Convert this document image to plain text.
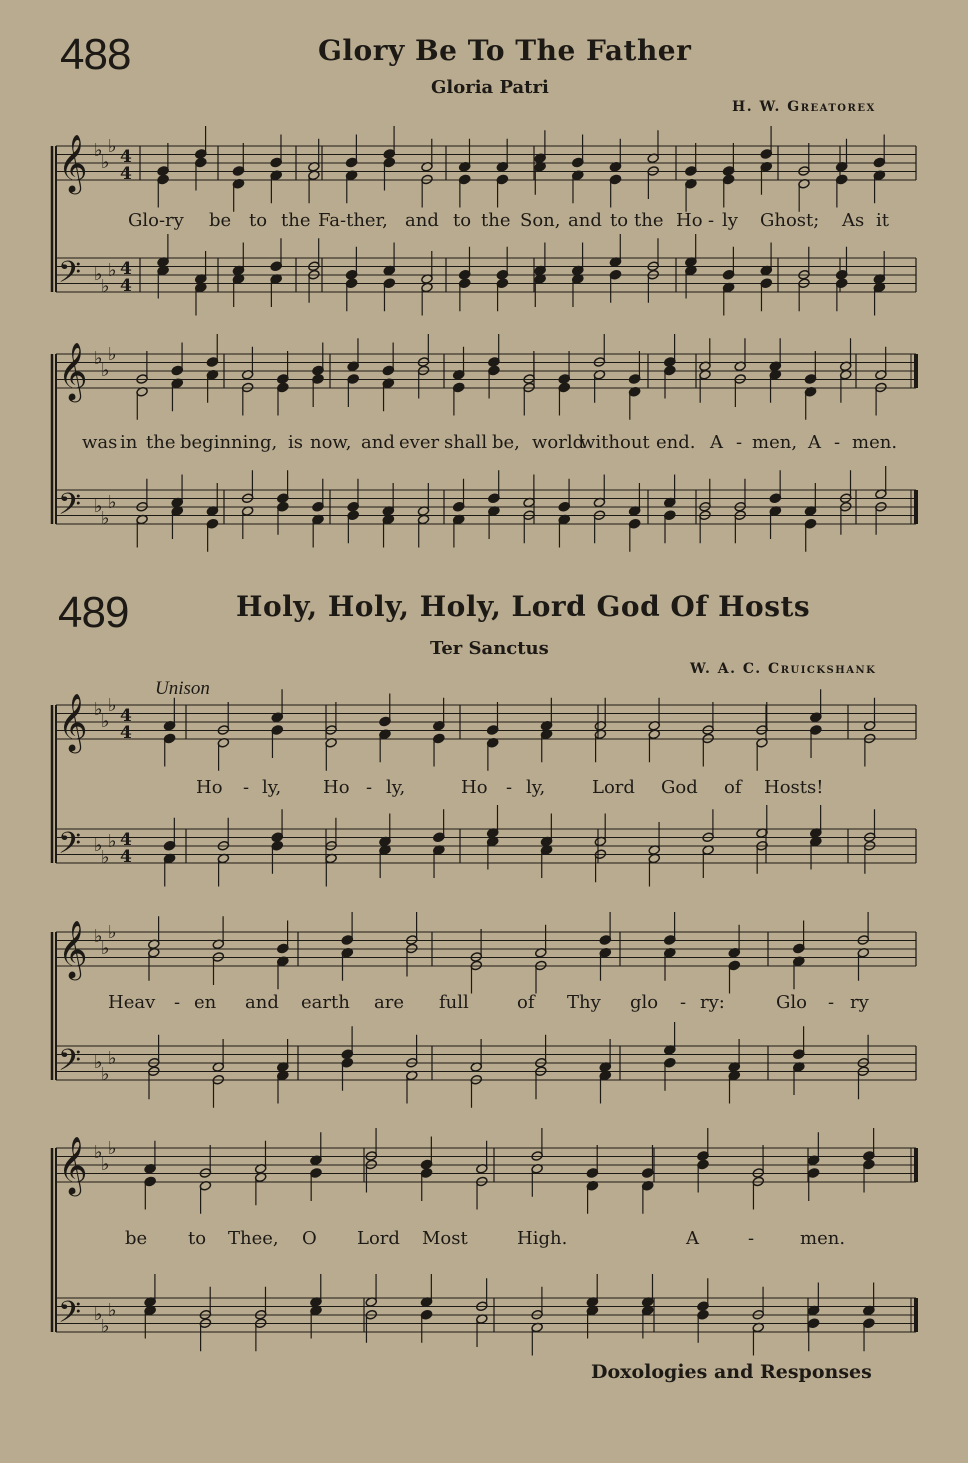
488	Glory Be To The Father
Gloria Patri
H. W. Greatorex
𝄞
𝄢
♭
♭
♭
♭
♭
♭
4
4
4
4
Glo-ry be to the Fa-ther, and to the Son, and to the Ho - ly Ghost; As it
𝄞
𝄢
♭
♭
♭
♭
♭
♭
was in the beginning, is now, and ever shall be, world
without end. A - men, A - men.
489	Holy, Holy, Holy, Lord God Of Hosts
Ter Sanctus
W. A. C. Cruickshank
Unison
𝄞
𝄢
♭
♭
♭
♭
♭
♭
4
4
4
4
Ho - ly, Ho - ly,	Ho - ly,	Lord God of Hosts!
𝄞
𝄢
♭
♭
♭
♭
♭
♭
Heav - en and earth are full	of Thy glo - ry:	Glo - ry
𝄞
𝄢
♭
♭
♭
♭
♭
♭
be to Thee, O Lord Most	High.	A	-	men.
Doxologies and Responses
